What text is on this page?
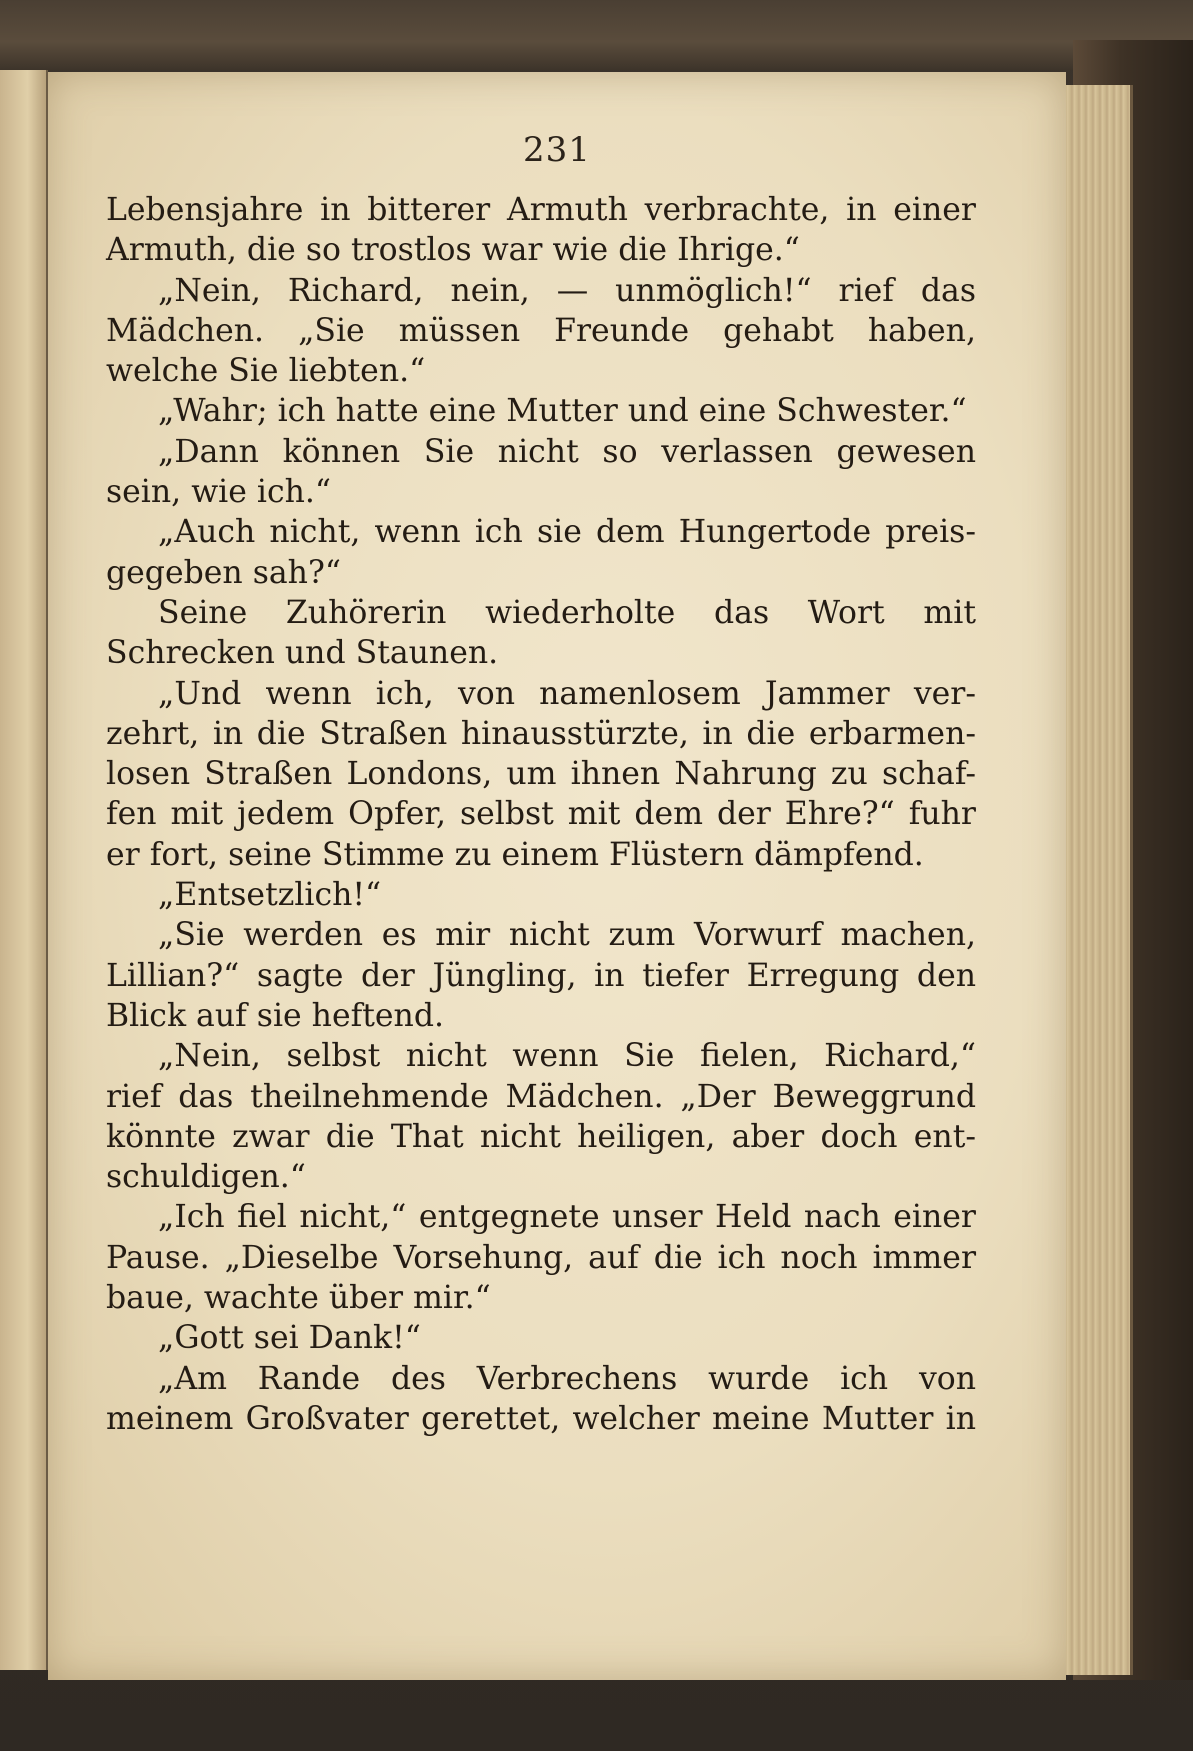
231
Lebensjahre in bitterer Armuth verbrachte, in einer
Armuth, die so trostlos war wie die Ihrige.“
„Nein, Richard, nein, — unmöglich!“ rief das
Mädchen. „Sie müssen Freunde gehabt haben,
welche Sie liebten.“
„Wahr; ich hatte eine Mutter und eine Schwester.“
„Dann können Sie nicht so verlassen gewesen
sein, wie ich.“
„Auch nicht, wenn ich sie dem Hungertode preis-
gegeben sah?“
Seine Zuhörerin wiederholte das Wort mit
Schrecken und Staunen.
„Und wenn ich, von namenlosem Jammer ver-
zehrt, in die Straßen hinausstürzte, in die erbarmen-
losen Straßen Londons, um ihnen Nahrung zu schaf-
fen mit jedem Opfer, selbst mit dem der Ehre?“ fuhr
er fort, seine Stimme zu einem Flüstern dämpfend.
„Entsetzlich!“
„Sie werden es mir nicht zum Vorwurf machen,
Lillian?“ sagte der Jüngling, in tiefer Erregung den
Blick auf sie heftend.
„Nein, selbst nicht wenn Sie fielen, Richard,“
rief das theilnehmende Mädchen. „Der Beweggrund
könnte zwar die That nicht heiligen, aber doch ent-
schuldigen.“
„Ich fiel nicht,“ entgegnete unser Held nach einer
Pause. „Dieselbe Vorsehung, auf die ich noch immer
baue, wachte über mir.“
„Gott sei Dank!“
„Am Rande des Verbrechens wurde ich von
meinem Großvater gerettet, welcher meine Mutter in
